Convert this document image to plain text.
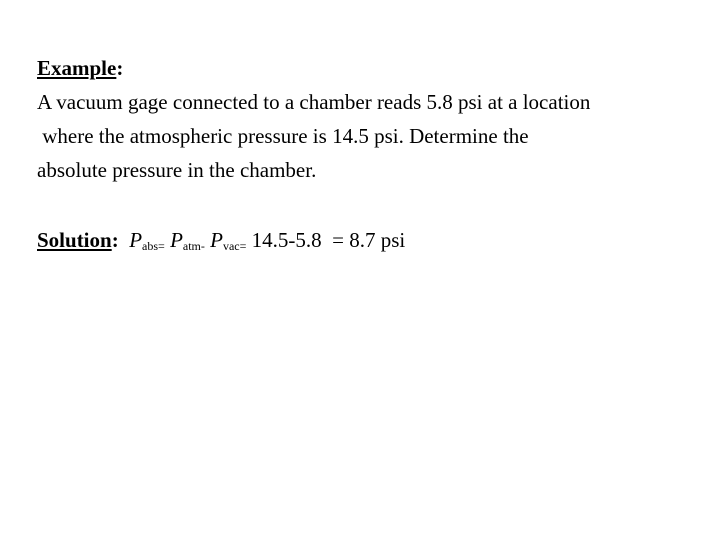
Example:
A vacuum gage connected to a chamber reads 5.8 psi at a location
where the atmospheric pressure is 14.5 psi. Determine the
absolute pressure in the chamber.
Solution: Pabs= Patm- Pvac= 14.5-5.8  = 8.7 psi
